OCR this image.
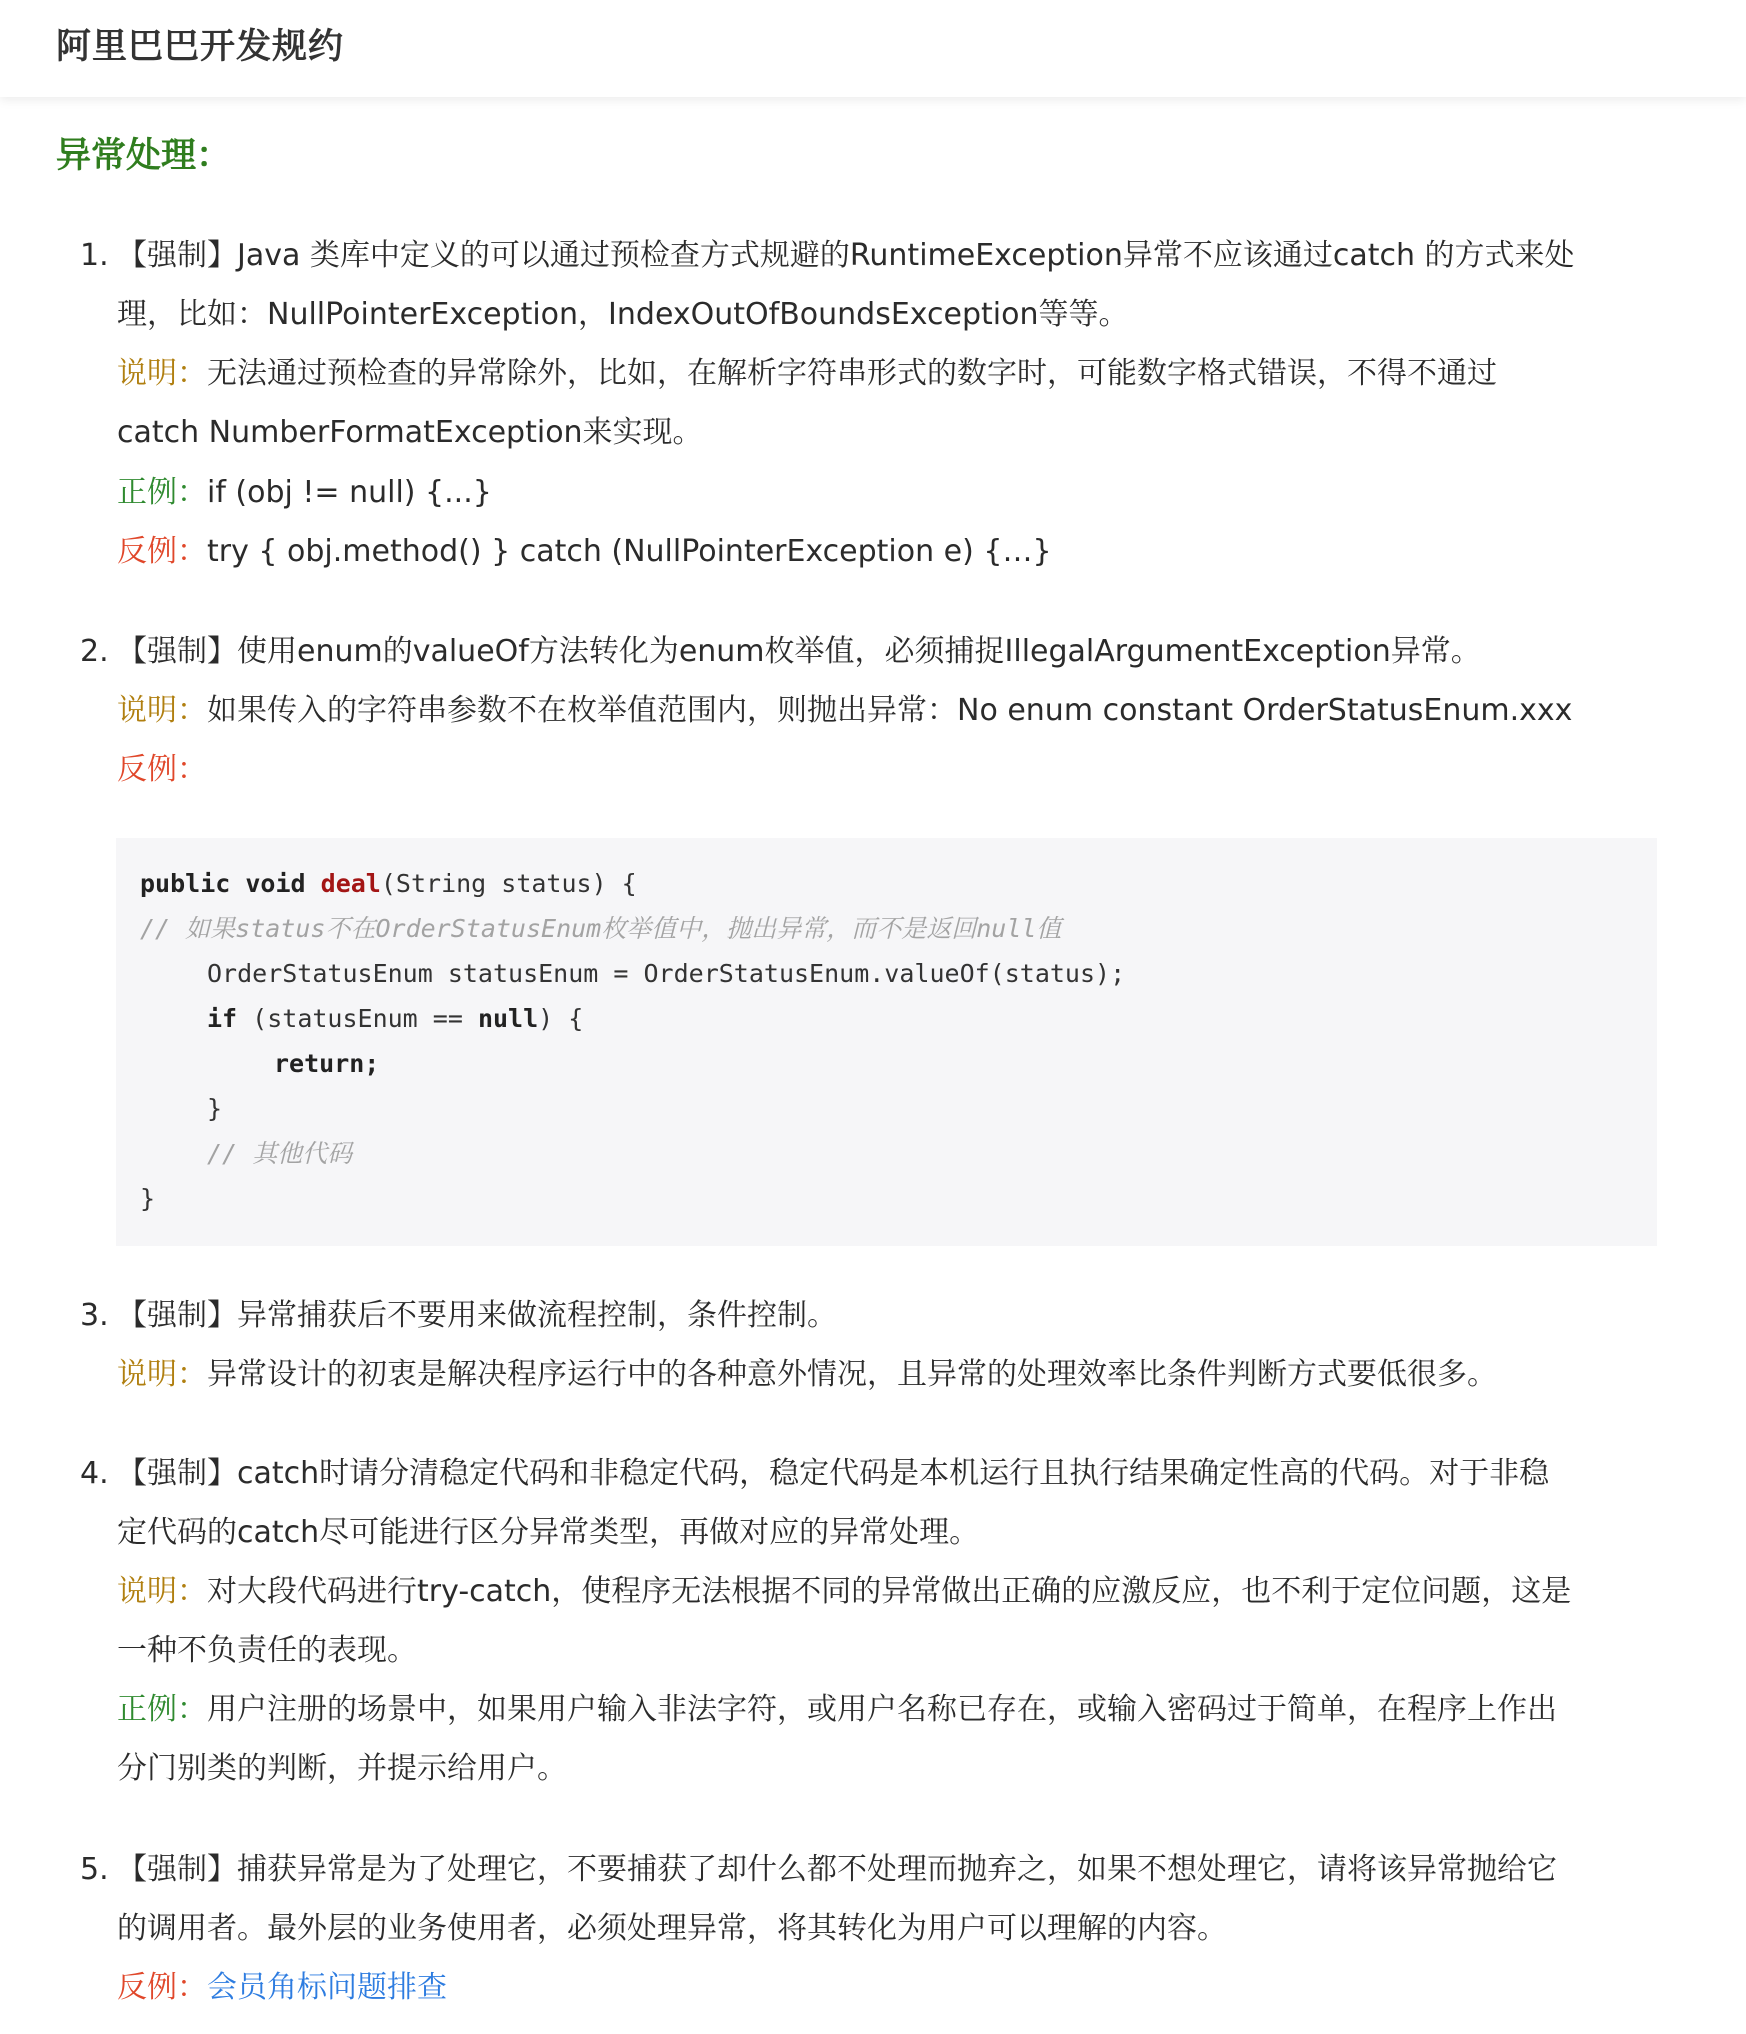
阿里巴巴开发规约
异常处理：
1. 【强制】Java 类库中定义的可以通过预检查方式规避的RuntimeException异常不应该通过catch 的方式来处
理，比如：NullPointerException，IndexOutOfBoundsException等等。
说明：无法通过预检查的异常除外，比如，在解析字符串形式的数字时，可能数字格式错误，不得不通过
catch NumberFormatException来实现。
正例：if (obj != null) {...}
反例：try { obj.method() } catch (NullPointerException e) {…}
2. 【强制】使用enum的valueOf方法转化为enum枚举值，必须捕捉IllegalArgumentException异常。
说明：如果传入的字符串参数不在枚举值范围内，则抛出异常：No enum constant OrderStatusEnum.xxx
反例：
public void deal(String status) {
// 如果status不在OrderStatusEnum枚举值中，抛出异常，而不是返回null值
OrderStatusEnum statusEnum = OrderStatusEnum.valueOf(status);
if (statusEnum == null) {
return;
}
// 其他代码
}
3. 【强制】异常捕获后不要用来做流程控制，条件控制。
说明：异常设计的初衷是解决程序运行中的各种意外情况，且异常的处理效率比条件判断方式要低很多。
4. 【强制】catch时请分清稳定代码和非稳定代码，稳定代码是本机运行且执行结果确定性高的代码。对于非稳
定代码的catch尽可能进行区分异常类型，再做对应的异常处理。
说明：对大段代码进行try-catch，使程序无法根据不同的异常做出正确的应激反应，也不利于定位问题，这是
一种不负责任的表现。
正例：用户注册的场景中，如果用户输入非法字符，或用户名称已存在，或输入密码过于简单，在程序上作出
分门别类的判断，并提示给用户。
5. 【强制】捕获异常是为了处理它，不要捕获了却什么都不处理而抛弃之，如果不想处理它，请将该异常抛给它
的调用者。最外层的业务使用者，必须处理异常，将其转化为用户可以理解的内容。
反例：会员角标问题排查
